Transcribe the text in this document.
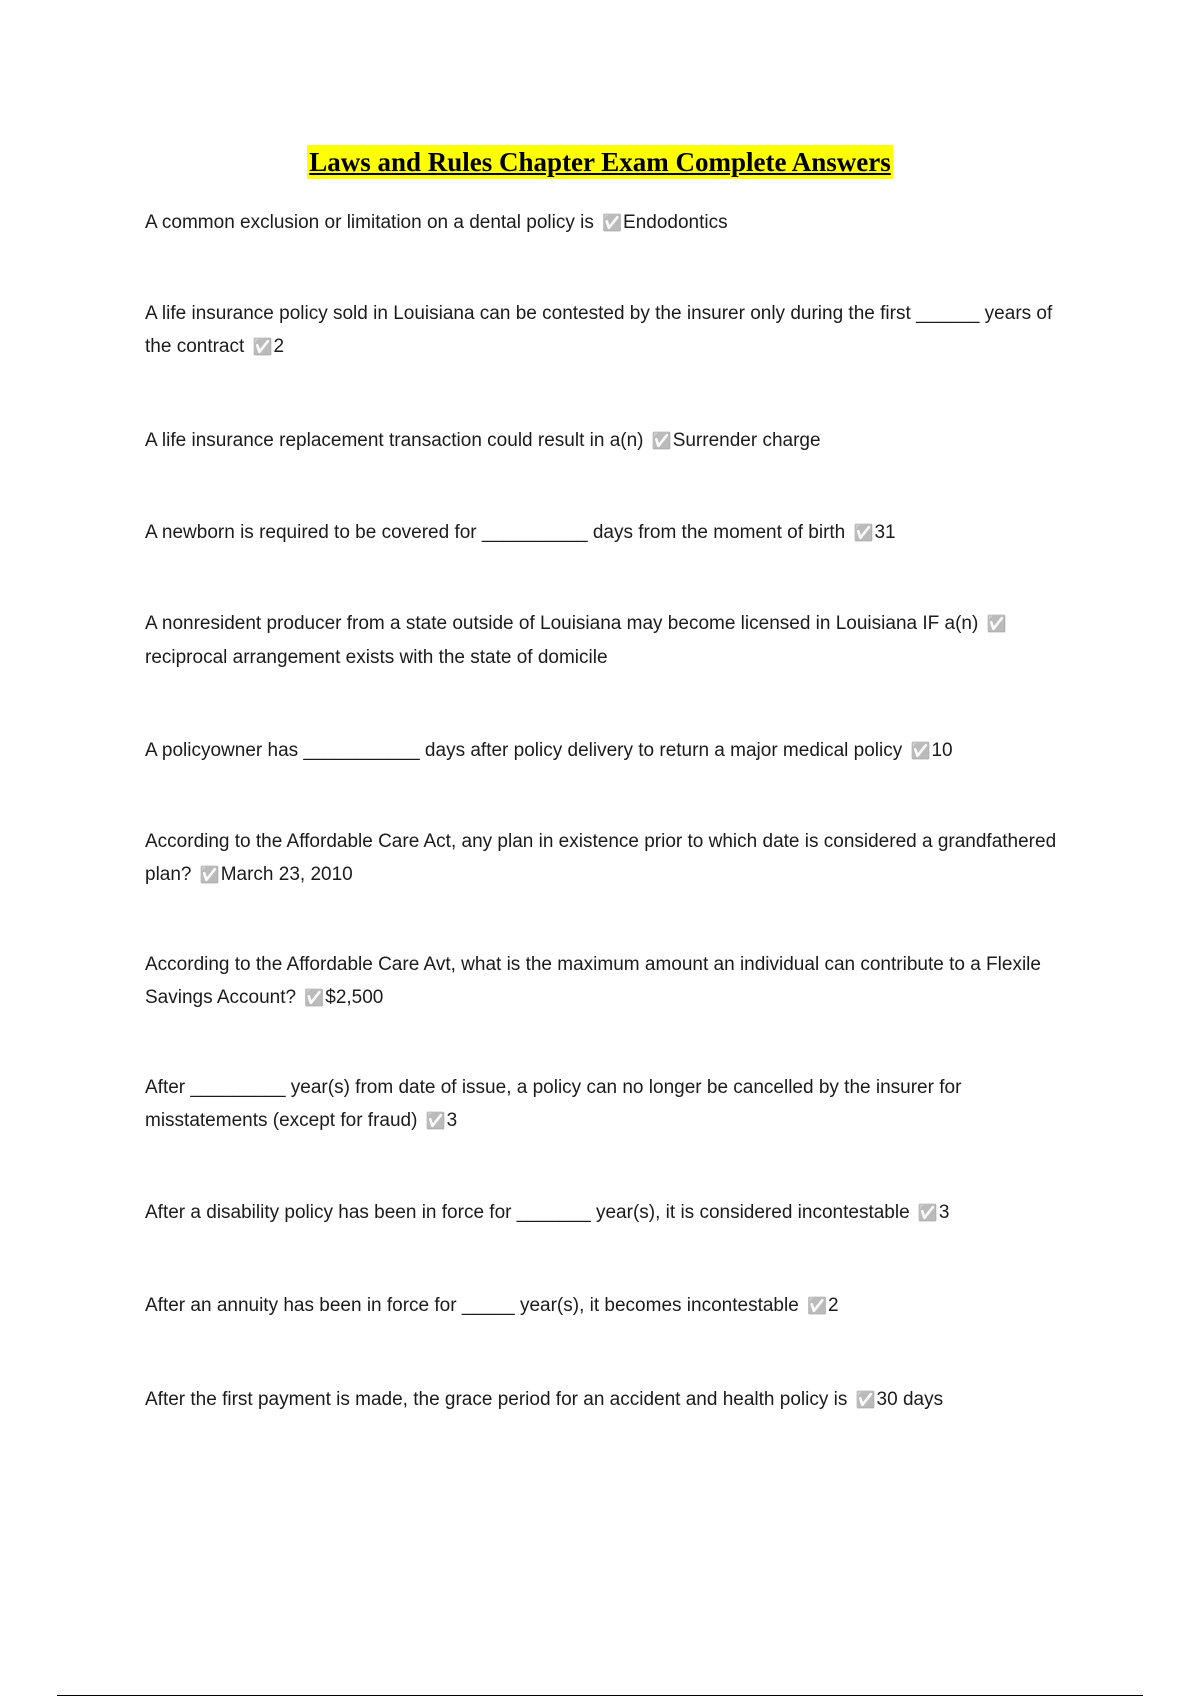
Laws and Rules Chapter Exam Complete Answers
A common exclusion or limitation on a dental policy is ✅Endodontics
A life insurance policy sold in Louisiana can be contested by the insurer only during the first ______ years of the contract ✅2
A life insurance replacement transaction could result in a(n) ✅Surrender charge
A newborn is required to be covered for __________ days from the moment of birth ✅31
A nonresident producer from a state outside of Louisiana may become licensed in Louisiana IF a(n) ✅reciprocal arrangement exists with the state of domicile
A policyowner has ___________ days after policy delivery to return a major medical policy ✅10
According to the Affordable Care Act, any plan in existence prior to which date is considered a grandfathered plan? ✅March 23, 2010
According to the Affordable Care Avt, what is the maximum amount an individual can contribute to a Flexile Savings Account? ✅$2,500
After _________ year(s) from date of issue, a policy can no longer be cancelled by the insurer for misstatements (except for fraud) ✅3
After a disability policy has been in force for _______ year(s), it is considered incontestable ✅3
After an annuity has been in force for _____ year(s), it becomes incontestable ✅2
After the first payment is made, the grace period for an accident and health policy is ✅30 days
